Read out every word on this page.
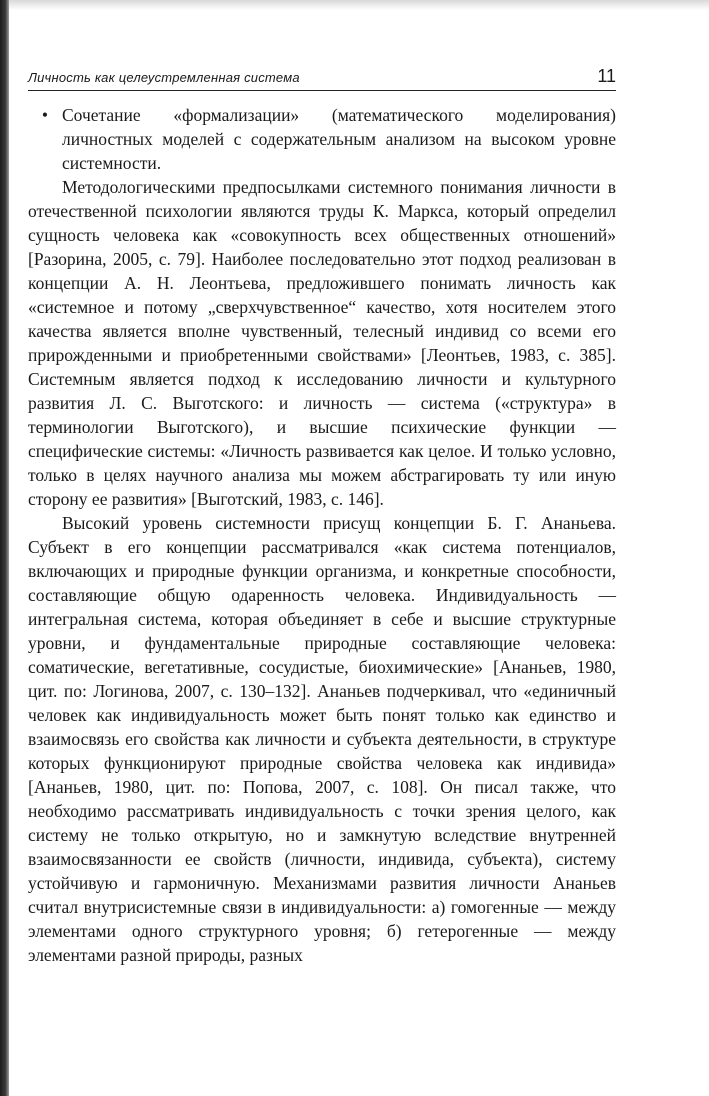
Личность как целеустремленная система	11
• Сочетание «формализации» (математического моделирования) личностных моделей с содержательным анализом на высоком уровне системности.

Методологическими предпосылками системного понимания личности в отечественной психологии являются труды К. Маркса, который определил сущность человека как «совокупность всех общественных отношений» [Разорина, 2005, с. 79]. Наиболее последовательно этот подход реализован в концепции А. Н. Леонтьева, предложившего понимать личность как «системное и потому „сверхчувственное“ качество, хотя носителем этого качества является вполне чувственный, телесный индивид со всеми его прирожденными и приобретенными свойствами» [Леонтьев, 1983, с. 385]. Системным является подход к исследованию личности и культурного развития Л. С. Выготского: и личность — система («структура» в терминологии Выготского), и высшие психические функции — специфические системы: «Личность развивается как целое. И только условно, только в целях научного анализа мы можем абстрагировать ту или иную сторону ее развития» [Выготский, 1983, с. 146].

Высокий уровень системности присущ концепции Б. Г. Ананьева. Субъект в его концепции рассматривался «как система потенциалов, включающих и природные функции организма, и конкретные способности, составляющие общую одаренность человека. Индивидуальность — интегральная система, которая объединяет в себе и высшие структурные уровни, и фундаментальные природные составляющие человека: соматические, вегетативные, сосудистые, биохимические» [Ананьев, 1980, цит. по: Логинова, 2007, с. 130–132]. Ананьев подчеркивал, что «единичный человек как индивидуальность может быть понят только как единство и взаимосвязь его свойства как личности и субъекта деятельности, в структуре которых функционируют природные свойства человека как индивида» [Ананьев, 1980, цит. по: Попова, 2007, с. 108]. Он писал также, что необходимо рассматривать индивидуальность с точки зрения целого, как систему не только открытую, но и замкнутую вследствие внутренней взаимосвязанности ее свойств (личности, индивида, субъекта), систему устойчивую и гармоничную. Механизмами развития личности Ананьев считал внутрисистемные связи в индивидуальности: а) гомогенные — между элементами одного структурного уровня; б) гетерогенные — между элементами разной природы, разных
